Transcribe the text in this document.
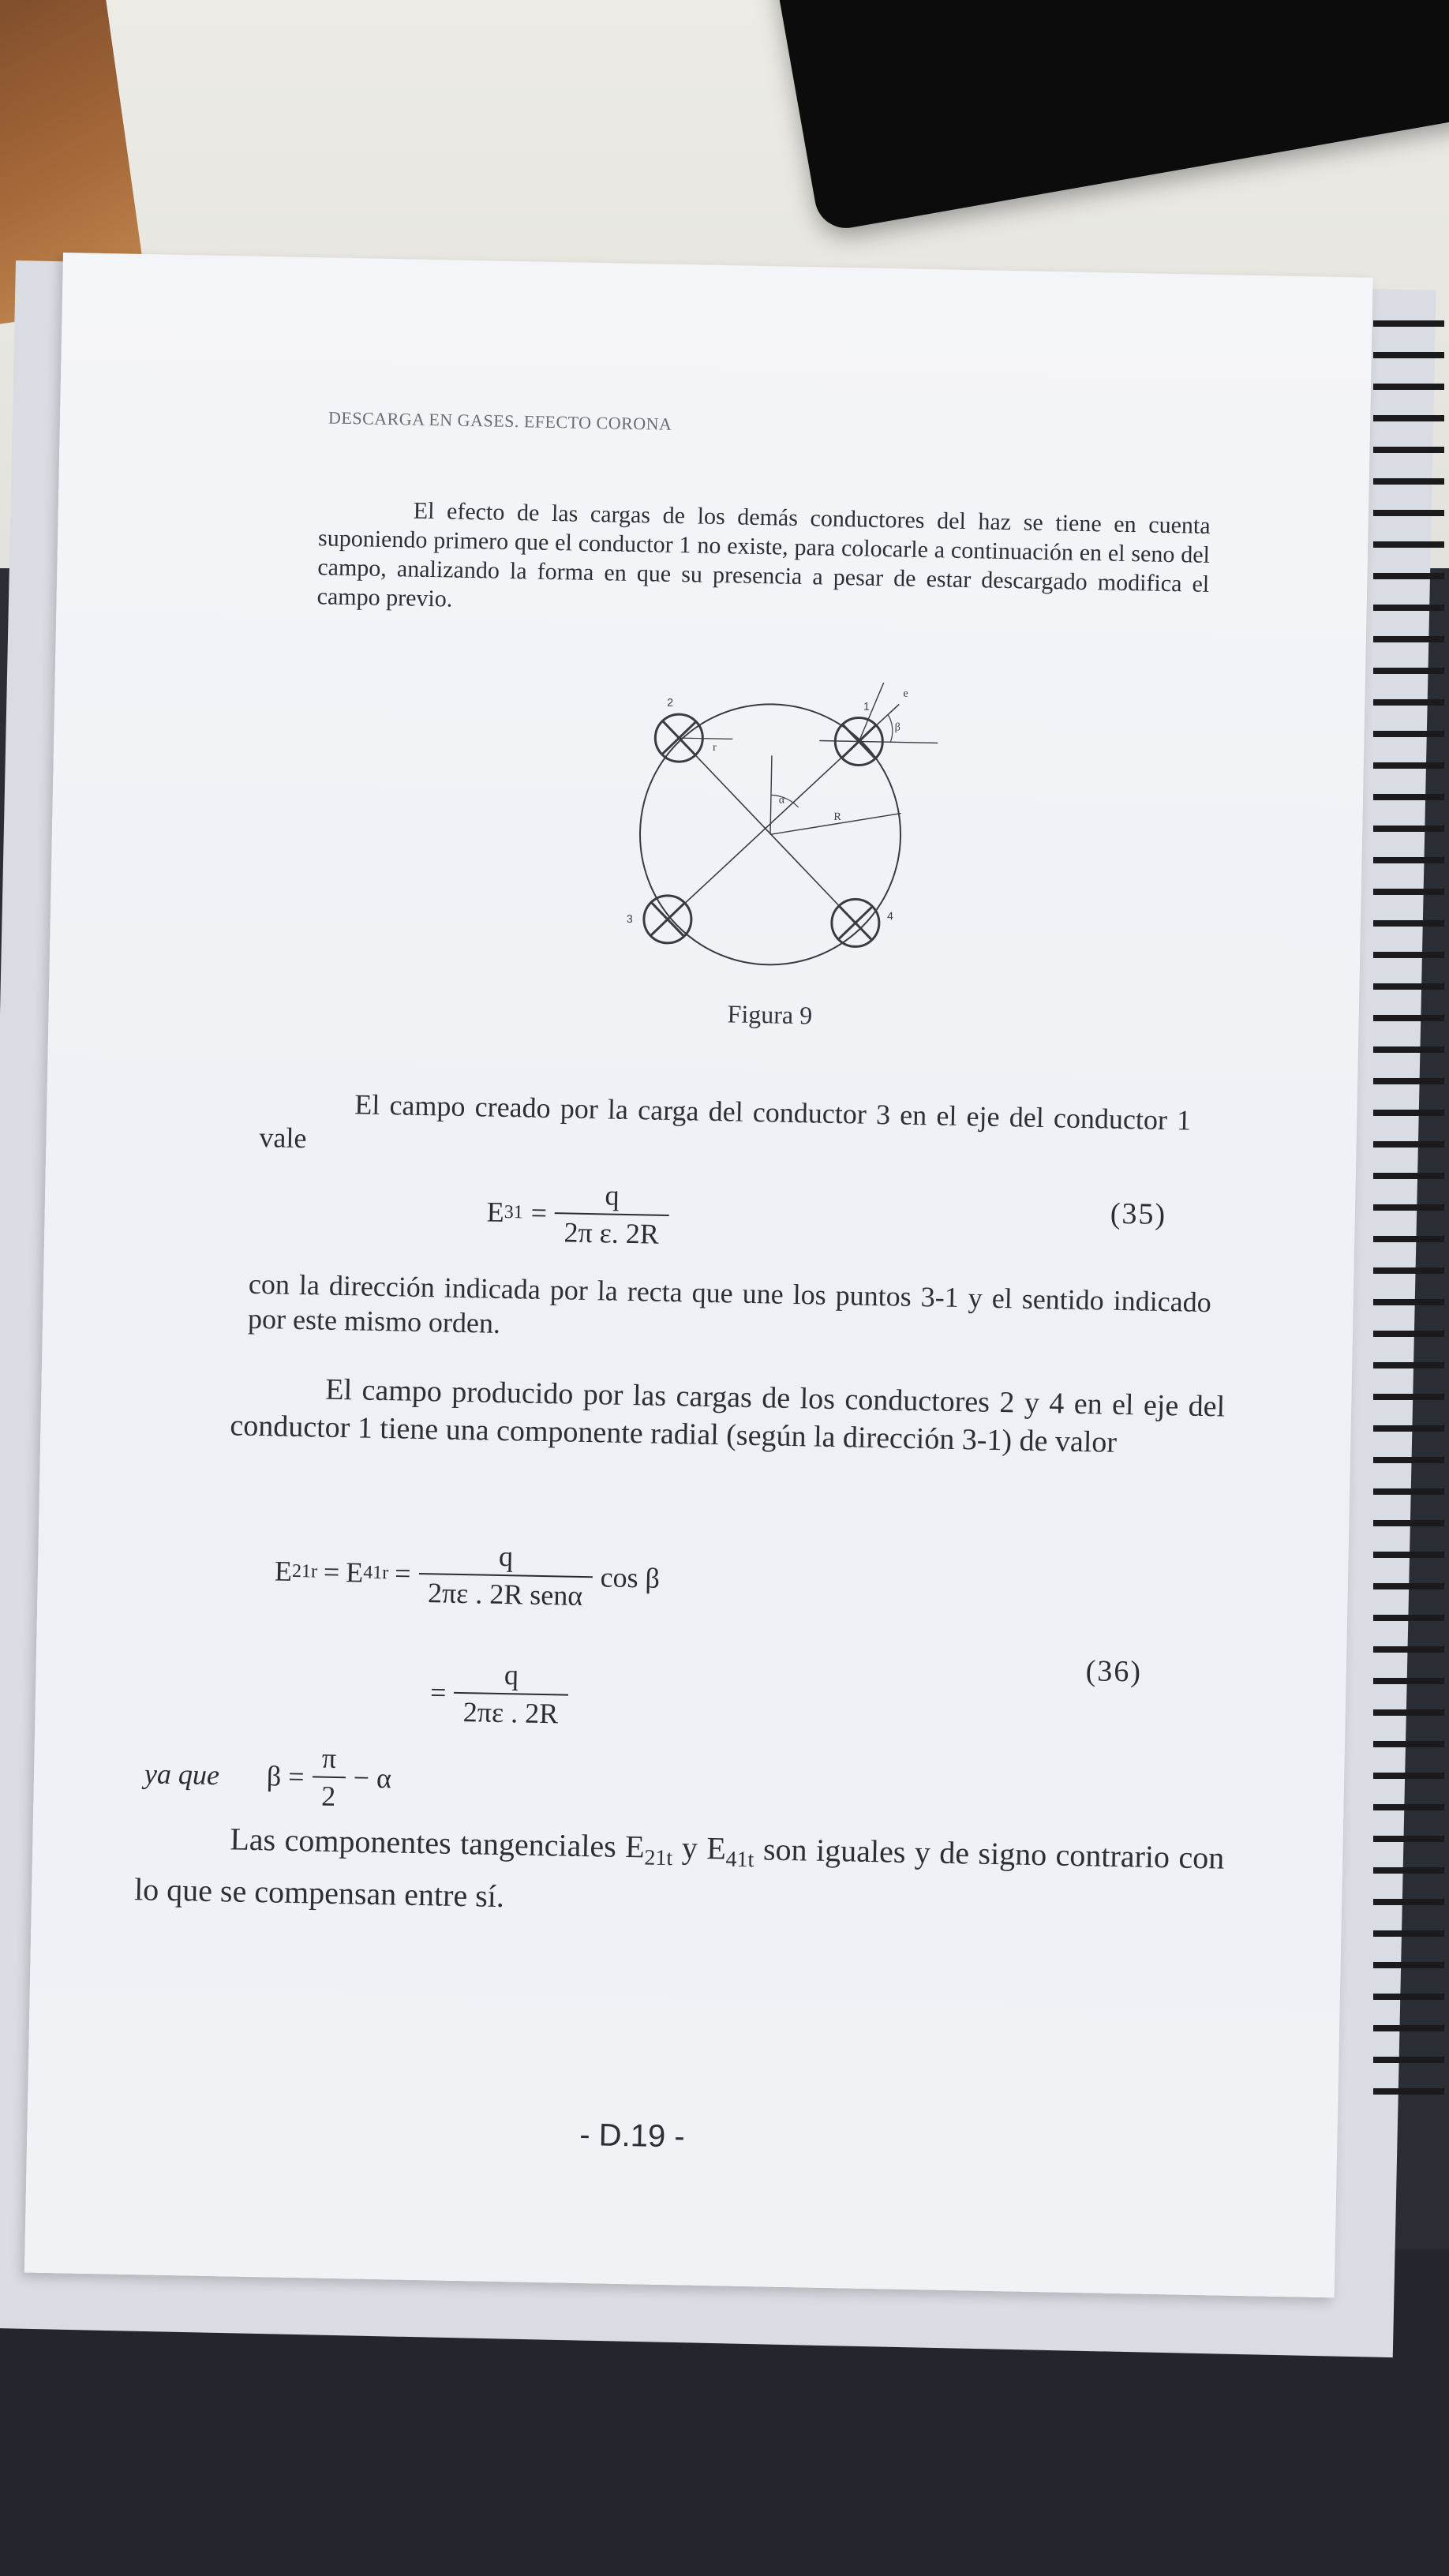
DESCARGA EN GASES. EFECTO CORONA
El efecto de las cargas de los demás conductores del haz se tiene en cuenta suponiendo primero que el conductor 1 no existe, para colocarle a continuación en el seno del campo, analizando la forma en que su presencia a pesar de estar descargado modifica el campo previo.
1
2
3	4
r
R
α
β
e
Figura 9
El campo creado por la carga del conductor 3 en el eje del conductor 1 vale
E $31 = \frac{q}{\text{2π ε. 2R}}$	(35)
con la dirección indicada por la recta que une los puntos 3-1 y el sentido indicado por este mismo orden.
El campo producido por las cargas de los conductores 2 y 4 en el eje del conductor 1 tiene una componente radial (según la dirección 3-1) de valor
E 21r = E $41r = \frac{q}{\text{2πε . 2R senα}}$ cos β
= $\frac{q}{2\pi\varepsilon . 2R}$	(36)
ya que $\beta = \frac{\pi}{2} - \alpha$
Las componentes tangenciales $E_{21t}$ y $E_{41t}$ son iguales y de signo contrario con lo que se compensan entre sí.
- D.19 -
